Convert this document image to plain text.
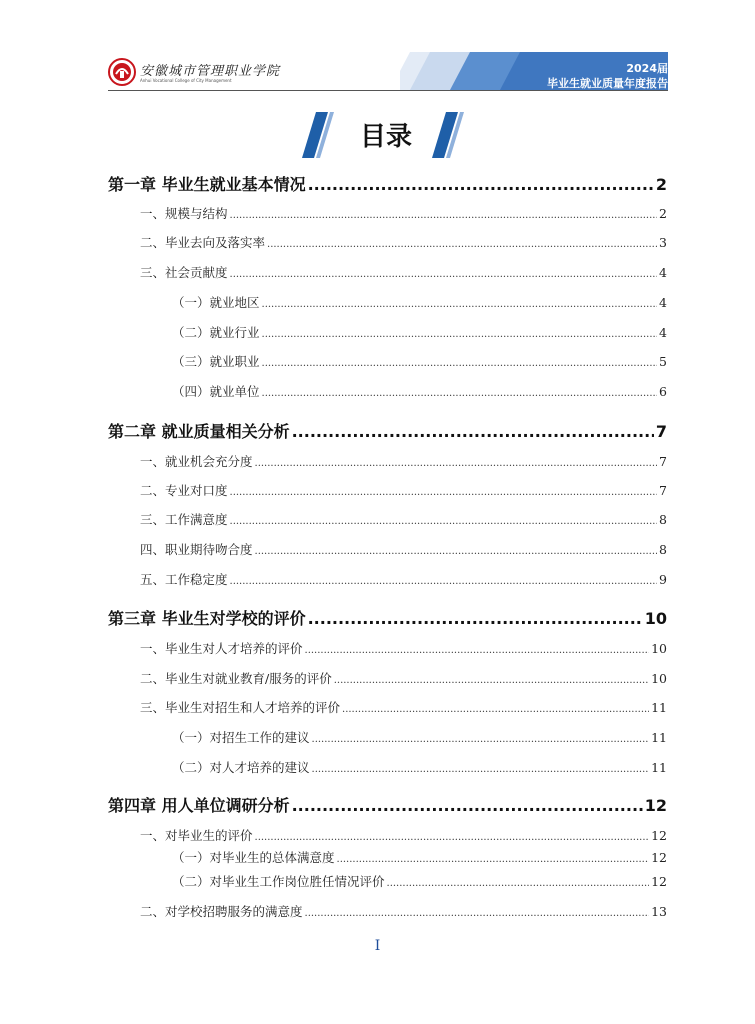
安徽城市管理职业学院
Anhui Vocational College of City Management
2024届
毕业生就业质量年度报告
目录
第一章 毕业生就业基本情况 .....	2
一、规模与结构 .....	2
二、毕业去向及落实率 .....	3
三、社会贡献度 .....	4
（一）就业地区 .....	4
（二）就业行业 .....	4
（三）就业职业 .....	5
（四）就业单位 .....	6
第二章 就业质量相关分析 .....	7
一、就业机会充分度 .....	7
二、专业对口度 .....	7
三、工作满意度 .....	8
四、职业期待吻合度 .....	8
五、工作稳定度 .....	9
第三章 毕业生对学校的评价 .....	10
一、毕业生对人才培养的评价 .....	10
二、毕业生对就业教育/服务的评价 .....	10
三、毕业生对招生和人才培养的评价 .....	11
（一）对招生工作的建议 .....	11
（二）对人才培养的建议 .....	11
第四章 用人单位调研分析 .....	12
一、对毕业生的评价 .....	12
（一）对毕业生的总体满意度 .....	12
（二）对毕业生工作岗位胜任情况评价 .....	12
二、对学校招聘服务的满意度 .....	13
I
